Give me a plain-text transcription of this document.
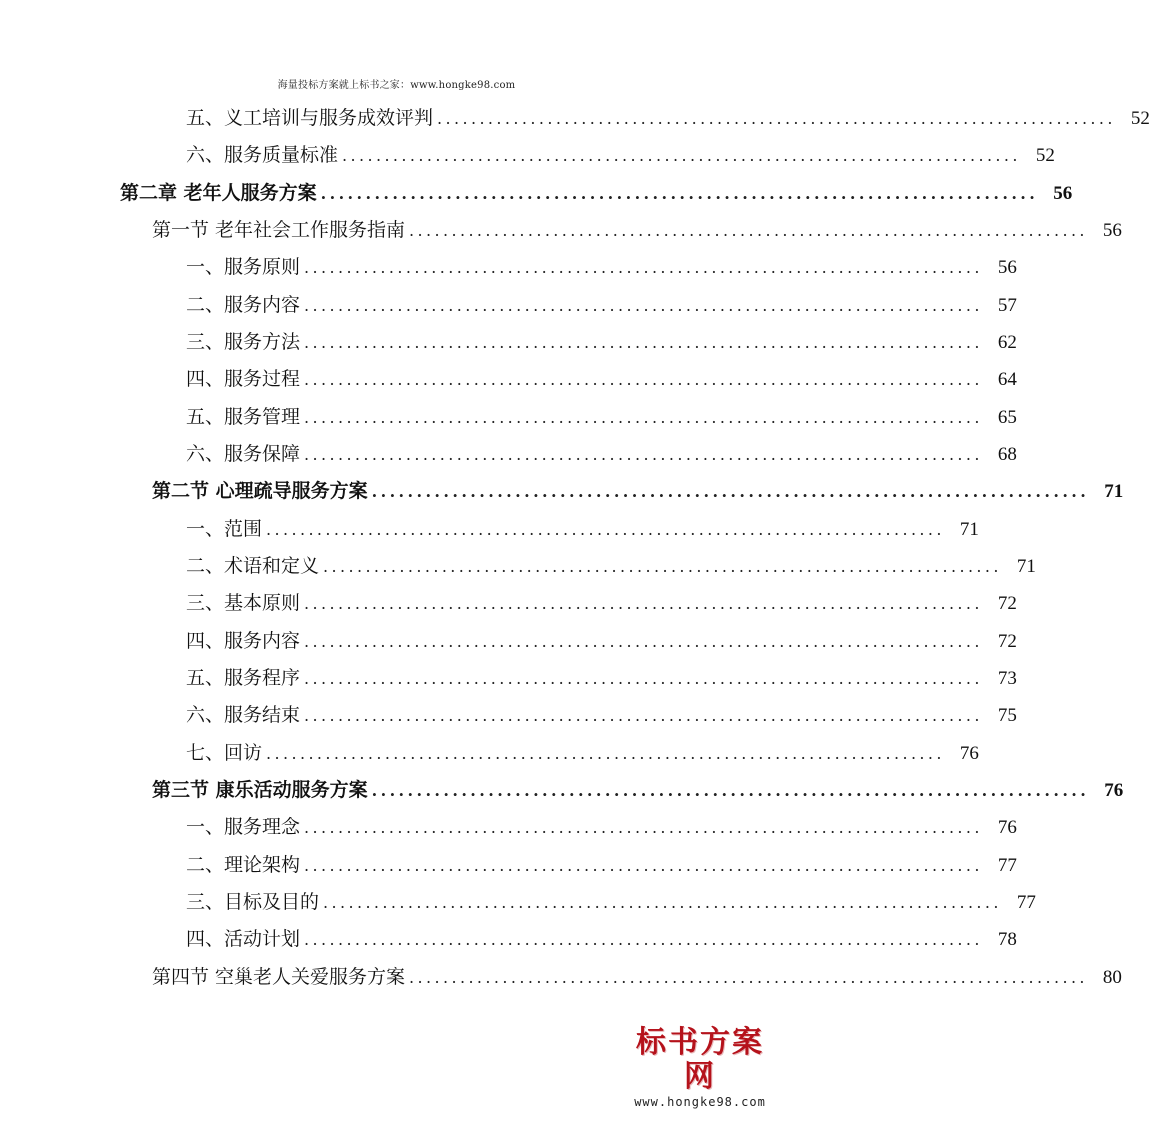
海量投标方案就上标书之家：www.hongke98.com
五、义工培训与服务成效评判 ................................................................................ 52
六、服务质量标准 ................................................................................ 52
第二章 老年人服务方案 ................................................................................ 56
第一节 老年社会工作服务指南 ................................................................................ 56
一、服务原则 ................................................................................ 56
二、服务内容 ................................................................................ 57
三、服务方法 ................................................................................ 62
四、服务过程 ................................................................................ 64
五、服务管理 ................................................................................ 65
六、服务保障 ................................................................................ 68
第二节 心理疏导服务方案 ................................................................................ 71
一、范围 ................................................................................ 71
二、术语和定义 ................................................................................ 71
三、基本原则 ................................................................................ 72
四、服务内容 ................................................................................ 72
五、服务程序 ................................................................................ 73
六、服务结束 ................................................................................ 75
七、回访 ................................................................................ 76
第三节 康乐活动服务方案 ................................................................................ 76
一、服务理念 ................................................................................ 76
二、理论架构 ................................................................................ 77
三、目标及目的 ................................................................................ 77
四、活动计划 ................................................................................ 78
第四节 空巢老人关爱服务方案 ................................................................................ 80
标书方案网
www.hongke98.com
